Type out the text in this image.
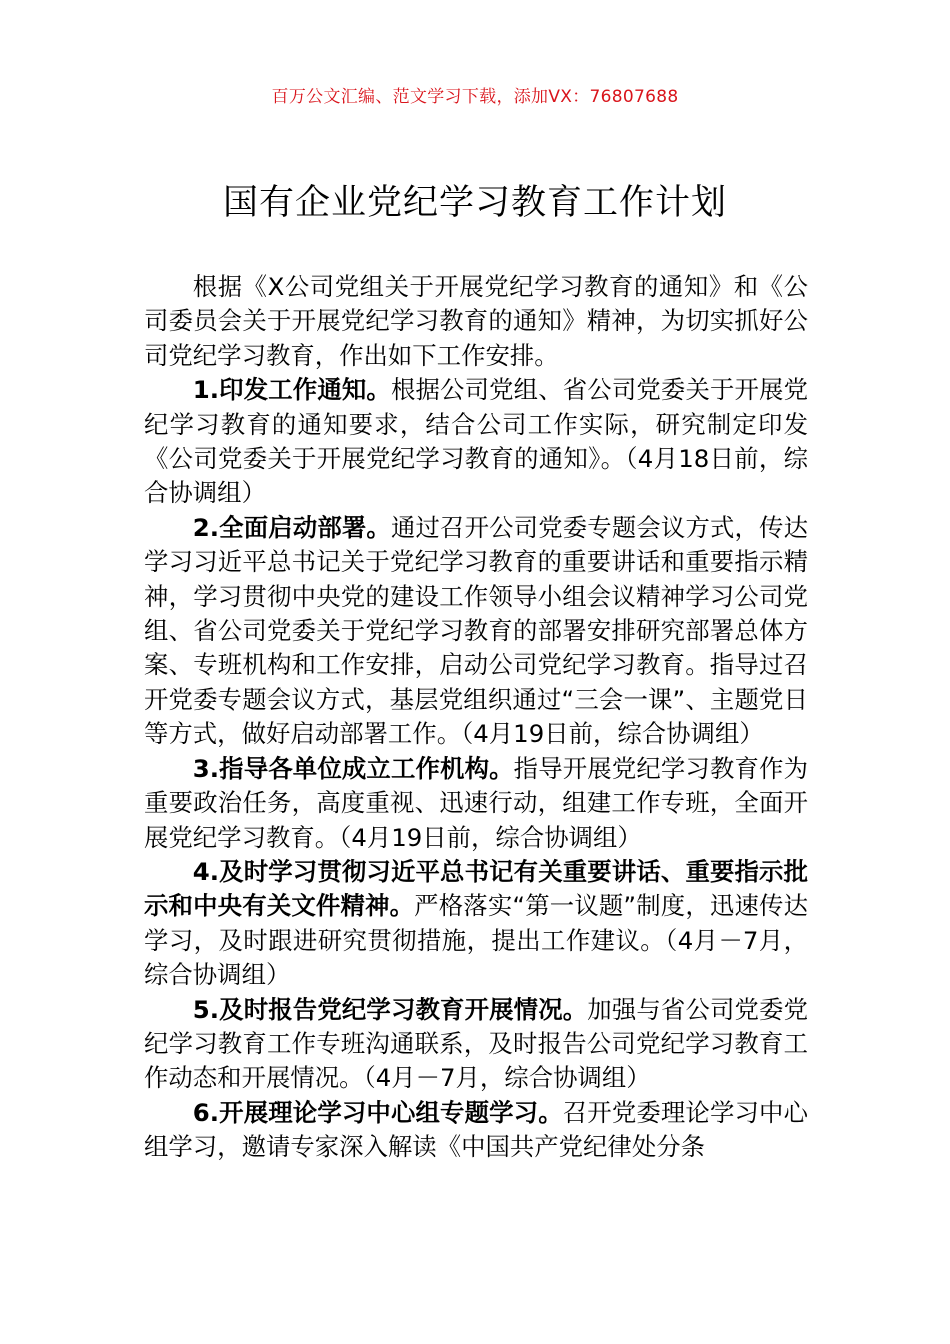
百万公文汇编、范文学习下载，添加VX：76807688
国有企业党纪学习教育工作计划

根据《X公司党组关于开展党纪学习教育的通知》和《公司委员会关于开展党纪学习教育的通知》精神，为切实抓好公司党纪学习教育，作出如下工作安排。

1.印发工作通知。根据公司党组、省公司党委关于开展党纪学习教育的通知要求，结合公司工作实际，研究制定印发《公司党委关于开展党纪学习教育的通知》。（4月18日前，综合协调组）

2.全面启动部署。通过召开公司党委专题会议方式，传达学习习近平总书记关于党纪学习教育的重要讲话和重要指示精神，学习贯彻中央党的建设工作领导小组会议精神学习公司党组、省公司党委关于党纪学习教育的部署安排研究部署总体方案、专班机构和工作安排，启动公司党纪学习教育。指导过召开党委专题会议方式，基层党组织通过“三会一课”、主题党日等方式，做好启动部署工作。（4月19日前，综合协调组）

3.指导各单位成立工作机构。指导开展党纪学习教育作为重要政治任务，高度重视、迅速行动，组建工作专班，全面开展党纪学习教育。（4月19日前，综合协调组）

4.及时学习贯彻习近平总书记有关重要讲话、重要指示批示和中央有关文件精神。严格落实“第一议题”制度，迅速传达学习，及时跟进研究贯彻措施，提出工作建议。（4月－7月，综合协调组）

5.及时报告党纪学习教育开展情况。加强与省公司党委党纪学习教育工作专班沟通联系，及时报告公司党纪学习教育工作动态和开展情况。（4月－7月，综合协调组）

6.开展理论学习中心组专题学习。召开党委理论学习中心组学习，邀请专家深入解读《中国共产党纪律处分条
